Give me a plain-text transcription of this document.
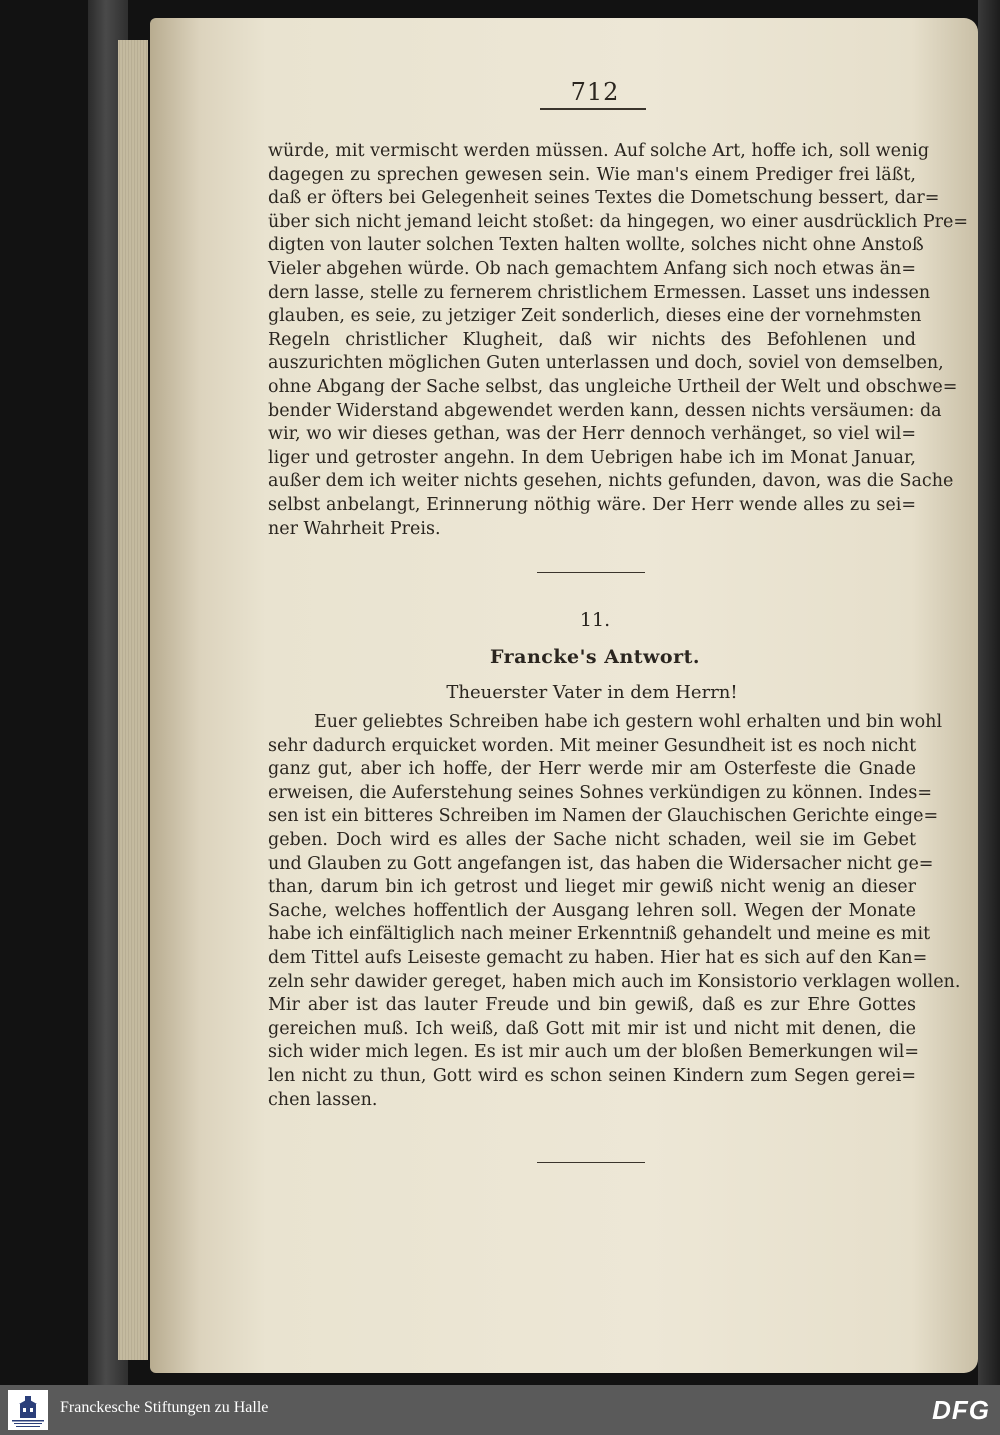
712
würde, mit vermischt werden müssen. Auf solche Art, hoffe ich, soll wenig
dagegen zu sprechen gewesen sein. Wie man's einem Prediger frei läßt,
daß er öfters bei Gelegenheit seines Textes die Dometschung bessert, dar=
über sich nicht jemand leicht stoßet: da hingegen, wo einer ausdrücklich Pre=
digten von lauter solchen Texten halten wollte, solches nicht ohne Anstoß
Vieler abgehen würde. Ob nach gemachtem Anfang sich noch etwas än=
dern lasse, stelle zu fernerem christlichem Ermessen. Lasset uns indessen
glauben, es seie, zu jetziger Zeit sonderlich, dieses eine der vornehmsten
Regeln christlicher Klugheit, daß wir nichts des Befohlenen und
auszurichten möglichen Guten unterlassen und doch, soviel von demselben,
ohne Abgang der Sache selbst, das ungleiche Urtheil der Welt und obschwe=
bender Widerstand abgewendet werden kann, dessen nichts versäumen: da
wir, wo wir dieses gethan, was der Herr dennoch verhänget, so viel wil=
liger und getroster angehn. In dem Uebrigen habe ich im Monat Januar,
außer dem ich weiter nichts gesehen, nichts gefunden, davon, was die Sache
selbst anbelangt, Erinnerung nöthig wäre. Der Herr wende alles zu sei=
ner Wahrheit Preis.
11.
Francke's Antwort.
Theuerster Vater in dem Herrn!
Euer geliebtes Schreiben habe ich gestern wohl erhalten und bin wohl
sehr dadurch erquicket worden. Mit meiner Gesundheit ist es noch nicht
ganz gut, aber ich hoffe, der Herr werde mir am Osterfeste die Gnade
erweisen, die Auferstehung seines Sohnes verkündigen zu können. Indes=
sen ist ein bitteres Schreiben im Namen der Glauchischen Gerichte einge=
geben. Doch wird es alles der Sache nicht schaden, weil sie im Gebet
und Glauben zu Gott angefangen ist, das haben die Widersacher nicht ge=
than, darum bin ich getrost und lieget mir gewiß nicht wenig an dieser
Sache, welches hoffentlich der Ausgang lehren soll. Wegen der Monate
habe ich einfältiglich nach meiner Erkenntniß gehandelt und meine es mit
dem Tittel aufs Leiseste gemacht zu haben. Hier hat es sich auf den Kan=
zeln sehr dawider gereget, haben mich auch im Konsistorio verklagen wollen.
Mir aber ist das lauter Freude und bin gewiß, daß es zur Ehre Gottes
gereichen muß. Ich weiß, daß Gott mit mir ist und nicht mit denen, die
sich wider mich legen. Es ist mir auch um der bloßen Bemerkungen wil=
len nicht zu thun, Gott wird es schon seinen Kindern zum Segen gerei=
chen lassen.
Franckesche Stiftungen zu Halle	DFG
